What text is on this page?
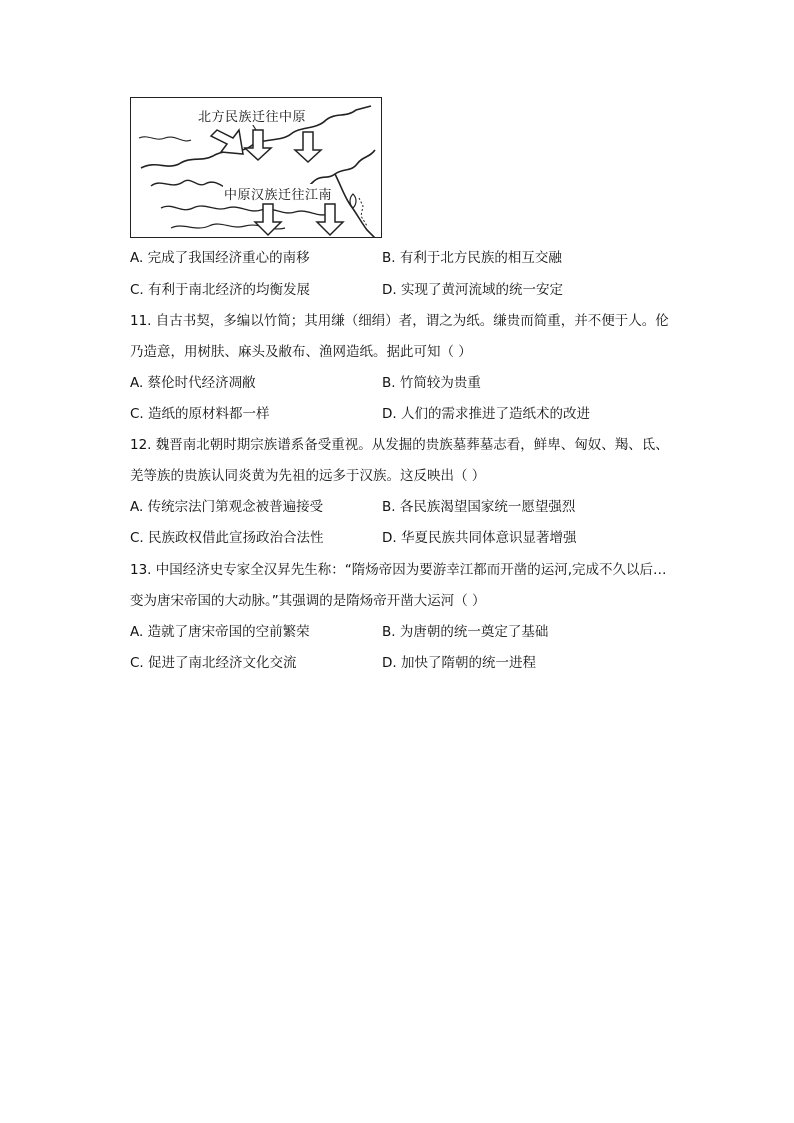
北方民族迁往中原
中原汉族迁往江南
A. 完成了我国经济重心的南移	B. 有利于北方民族的相互交融
C. 有利于南北经济的均衡发展	D. 实现了黄河流域的统一安定
11. 自古书契，多编以竹简；其用缣（细绢）者，谓之为纸。缣贵而简重，并不便于人。伦
乃造意，用树肤、麻头及敝布、渔网造纸。据此可知（ ）
A. 蔡伦时代经济凋敝	B. 竹简较为贵重
C. 造纸的原材料都一样	D. 人们的需求推进了造纸术的改进
12. 魏晋南北朝时期宗族谱系备受重视。从发掘的贵族墓葬墓志看，鲜卑、匈奴、羯、氐、
羌等族的贵族认同炎黄为先祖的远多于汉族。这反映出（ ）
A. 传统宗法门第观念被普遍接受	B. 各民族渴望国家统一愿望强烈
C. 民族政权借此宣扬政治合法性	D. 华夏民族共同体意识显著增强
13. 中国经济史专家全汉昇先生称：“隋炀帝因为要游幸江都而开凿的运河,完成不久以后…
变为唐宋帝国的大动脉。”其强调的是隋炀帝开凿大运河（ ）
A. 造就了唐宋帝国的空前繁荣	B. 为唐朝的统一奠定了基础
C. 促进了南北经济文化交流	D. 加快了隋朝的统一进程
